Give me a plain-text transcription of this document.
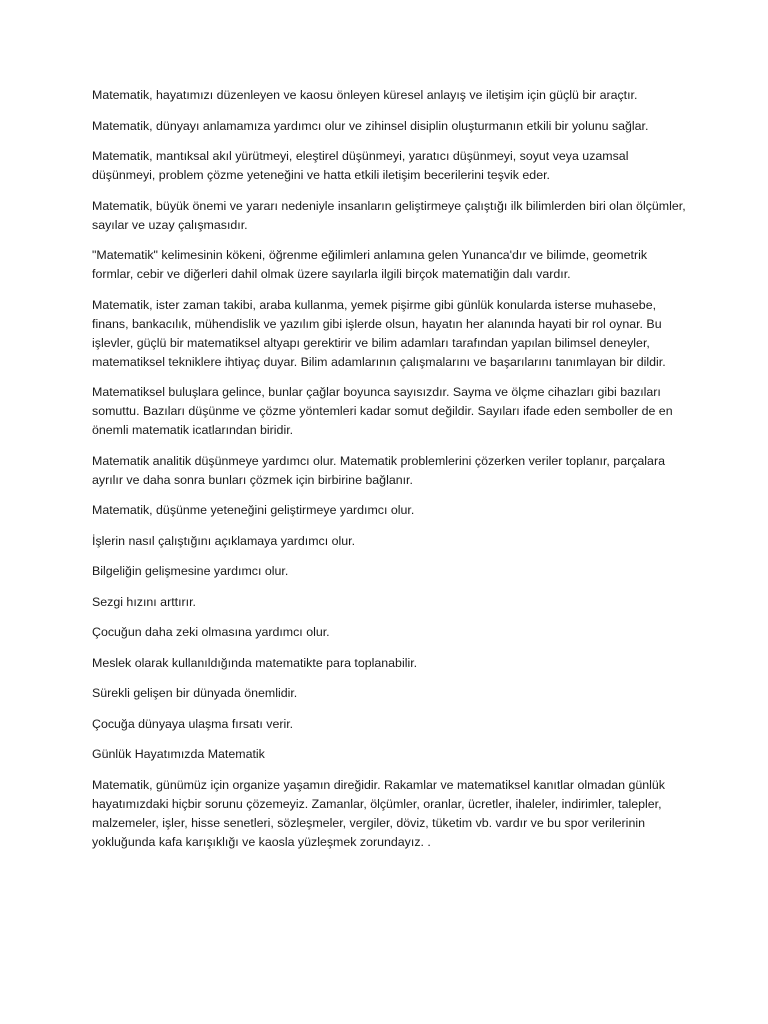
Matematik, hayatımızı düzenleyen ve kaosu önleyen küresel anlayış ve iletişim için güçlü bir araçtır.

Matematik, dünyayı anlamamıza yardımcı olur ve zihinsel disiplin oluşturmanın etkili bir yolunu sağlar.

Matematik, mantıksal akıl yürütmeyi, eleştirel düşünmeyi, yaratıcı düşünmeyi, soyut veya uzamsal düşünmeyi, problem çözme yeteneğini ve hatta etkili iletişim becerilerini teşvik eder.

Matematik, büyük önemi ve yararı nedeniyle insanların geliştirmeye çalıştığı ilk bilimlerden biri olan ölçümler, sayılar ve uzay çalışmasıdır.

"Matematik" kelimesinin kökeni, öğrenme eğilimleri anlamına gelen Yunanca'dır ve bilimde, geometrik formlar, cebir ve diğerleri dahil olmak üzere sayılarla ilgili birçok matematiğin dalı vardır.

Matematik, ister zaman takibi, araba kullanma, yemek pişirme gibi günlük konularda isterse muhasebe, finans, bankacılık, mühendislik ve yazılım gibi işlerde olsun, hayatın her alanında hayati bir rol oynar. Bu işlevler, güçlü bir matematiksel altyapı gerektirir ve bilim adamları tarafından yapılan bilimsel deneyler, matematiksel tekniklere ihtiyaç duyar. Bilim adamlarının çalışmalarını ve başarılarını tanımlayan bir dildir.

Matematiksel buluşlara gelince, bunlar çağlar boyunca sayısızdır. Sayma ve ölçme cihazları gibi bazıları somuttu. Bazıları düşünme ve çözme yöntemleri kadar somut değildir. Sayıları ifade eden semboller de en önemli matematik icatlarından biridir.

Matematik analitik düşünmeye yardımcı olur. Matematik problemlerini çözerken veriler toplanır, parçalara ayrılır ve daha sonra bunları çözmek için birbirine bağlanır.

Matematik, düşünme yeteneğini geliştirmeye yardımcı olur.

İşlerin nasıl çalıştığını açıklamaya yardımcı olur.

Bilgeliğin gelişmesine yardımcı olur.

Sezgi hızını arttırır.

Çocuğun daha zeki olmasına yardımcı olur.

Meslek olarak kullanıldığında matematikte para toplanabilir.

Sürekli gelişen bir dünyada önemlidir.

Çocuğa dünyaya ulaşma fırsatı verir.

Günlük Hayatımızda Matematik

Matematik, günümüz için organize yaşamın direğidir. Rakamlar ve matematiksel kanıtlar olmadan günlük hayatımızdaki hiçbir sorunu çözemeyiz. Zamanlar, ölçümler, oranlar, ücretler, ihaleler, indirimler, talepler, malzemeler, işler, hisse senetleri, sözleşmeler, vergiler, döviz, tüketim vb. vardır ve bu spor verilerinin yokluğunda kafa karışıklığı ve kaosla yüzleşmek zorundayız. .
